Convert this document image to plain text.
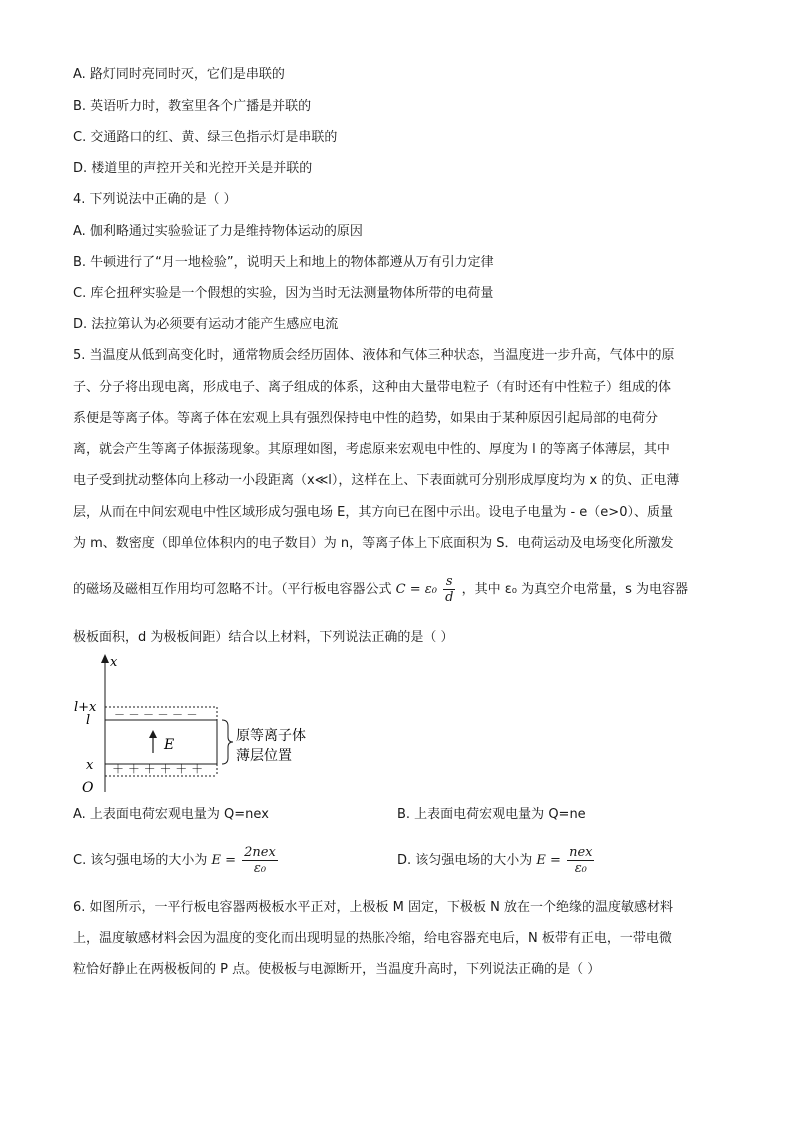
A. 路灯同时亮同时灭，它们是串联的
B. 英语听力时，教室里各个广播是并联的
C. 交通路口的红、黄、绿三色指示灯是串联的
D. 楼道里的声控开关和光控开关是并联的
4. 下列说法中正确的是（ ）
A. 伽利略通过实验验证了力是维持物体运动的原因
B. 牛顿进行了“月一地检验”，说明天上和地上的物体都遵从万有引力定律
C. 库仑扭秤实验是一个假想的实验，因为当时无法测量物体所带的电荷量
D. 法拉第认为必须要有运动才能产生感应电流
5. 当温度从低到高变化时，通常物质会经历固体、液体和气体三种状态，当温度进一步升高，气体中的原
子、分子将出现电离，形成电子、离子组成的体系，这种由大量带电粒子（有时还有中性粒子）组成的体
系便是等离子体。等离子体在宏观上具有强烈保持电中性的趋势，如果由于某种原因引起局部的电荷分
离，就会产生等离子体振荡现象。其原理如图，考虑原来宏观电中性的、厚度为 l 的等离子体薄层，其中
电子受到扰动整体向上移动一小段距离（x≪l），这样在上、下表面就可分别形成厚度均为 x 的负、正电薄
层，从而在中间宏观电中性区域形成匀强电场 E，其方向已在图中示出。设电子电量为 - e（e>0）、质量
为 m、数密度（即单位体积内的电子数目）为 n，等离子体上下底面积为 S．电荷运动及电场变化所激发
的磁场及磁相互作用均可忽略不计。（平行板电容器公式 $C = \varepsilon_0 \frac{s}{d}$ ，其中 ε₀ 为真空介电常量，s 为电容器
极板面积，d 为极板间距）结合以上材料，下列说法正确的是（ ）
x
l+x
l
x
O
－ － － － － －
＋ ＋ ＋ ＋ ＋ ＋
E
原等离子体
薄层位置
A. 上表面电荷宏观电量为 Q=nex	B. 上表面电荷宏观电量为 Q=ne
C. 该匀强电场的大小为 $E = \frac{\text{2nex}}{\text{ε₀}}$	D. 该匀强电场的大小为 $E = \frac{\text{nex}}{\text{ε₀}}$
6. 如图所示，一平行板电容器两极板水平正对，上极板 M 固定，下极板 N 放在一个绝缘的温度敏感材料
上，温度敏感材料会因为温度的变化而出现明显的热胀冷缩，给电容器充电后，N 板带有正电，一带电微
粒恰好静止在两极板间的 P 点。使极板与电源断开，当温度升高时，下列说法正确的是（ ）
